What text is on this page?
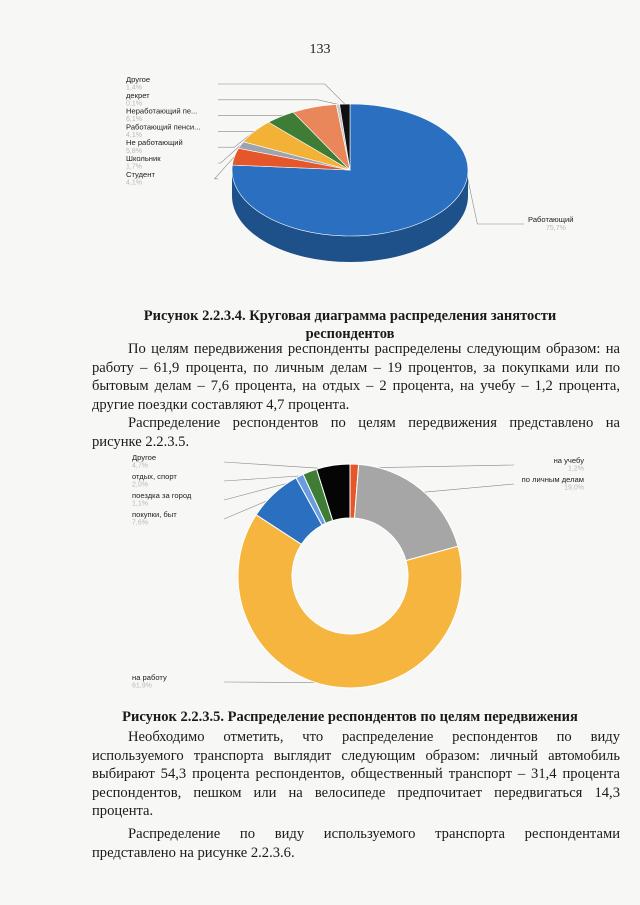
133
Другое
1,4%
декрет
0,1%
Неработающий пе...
6,1%
Работающий пенси...
4,1%
Не работающий
5,8%
Школьник
1,7%
Студент
4,1%
Работающий
75,7%
Рисунок 2.2.3.4. Круговая диаграмма распределения занятости
респондентов

По целям передвижения респонденты распределены следующим образом: на работу – 61,9 процента, по личным делам – 19 процентов, за покупками или по бытовым делам – 7,6 процента, на отдых – 2 процента, на учебу – 1,2 процента, другие поездки составляют 4,7 процента.

Распределение респондентов по целям передвижения представлено на рисунке 2.2.3.5.

Другое
4,7%
отдых, спорт
2,0%
поездка за город
1,1%
покупки, быт
7,6%
на работу
61,9%
на учебу
1,2%
по личным делам
19,0%
Рисунок 2.2.3.5. Распределение респондентов по целям передвижения

Необходимо отметить, что распределение респондентов по виду используемого транспорта выглядит следующим образом: личный автомобиль выбирают 54,3 процента респондентов, общественный транспорт – 31,4 процента респондентов, пешком или на велосипеде предпочитает передвигаться 14,3 процента.

Распределение по виду используемого транспорта респондентами представлено на рисунке 2.2.3.6.
